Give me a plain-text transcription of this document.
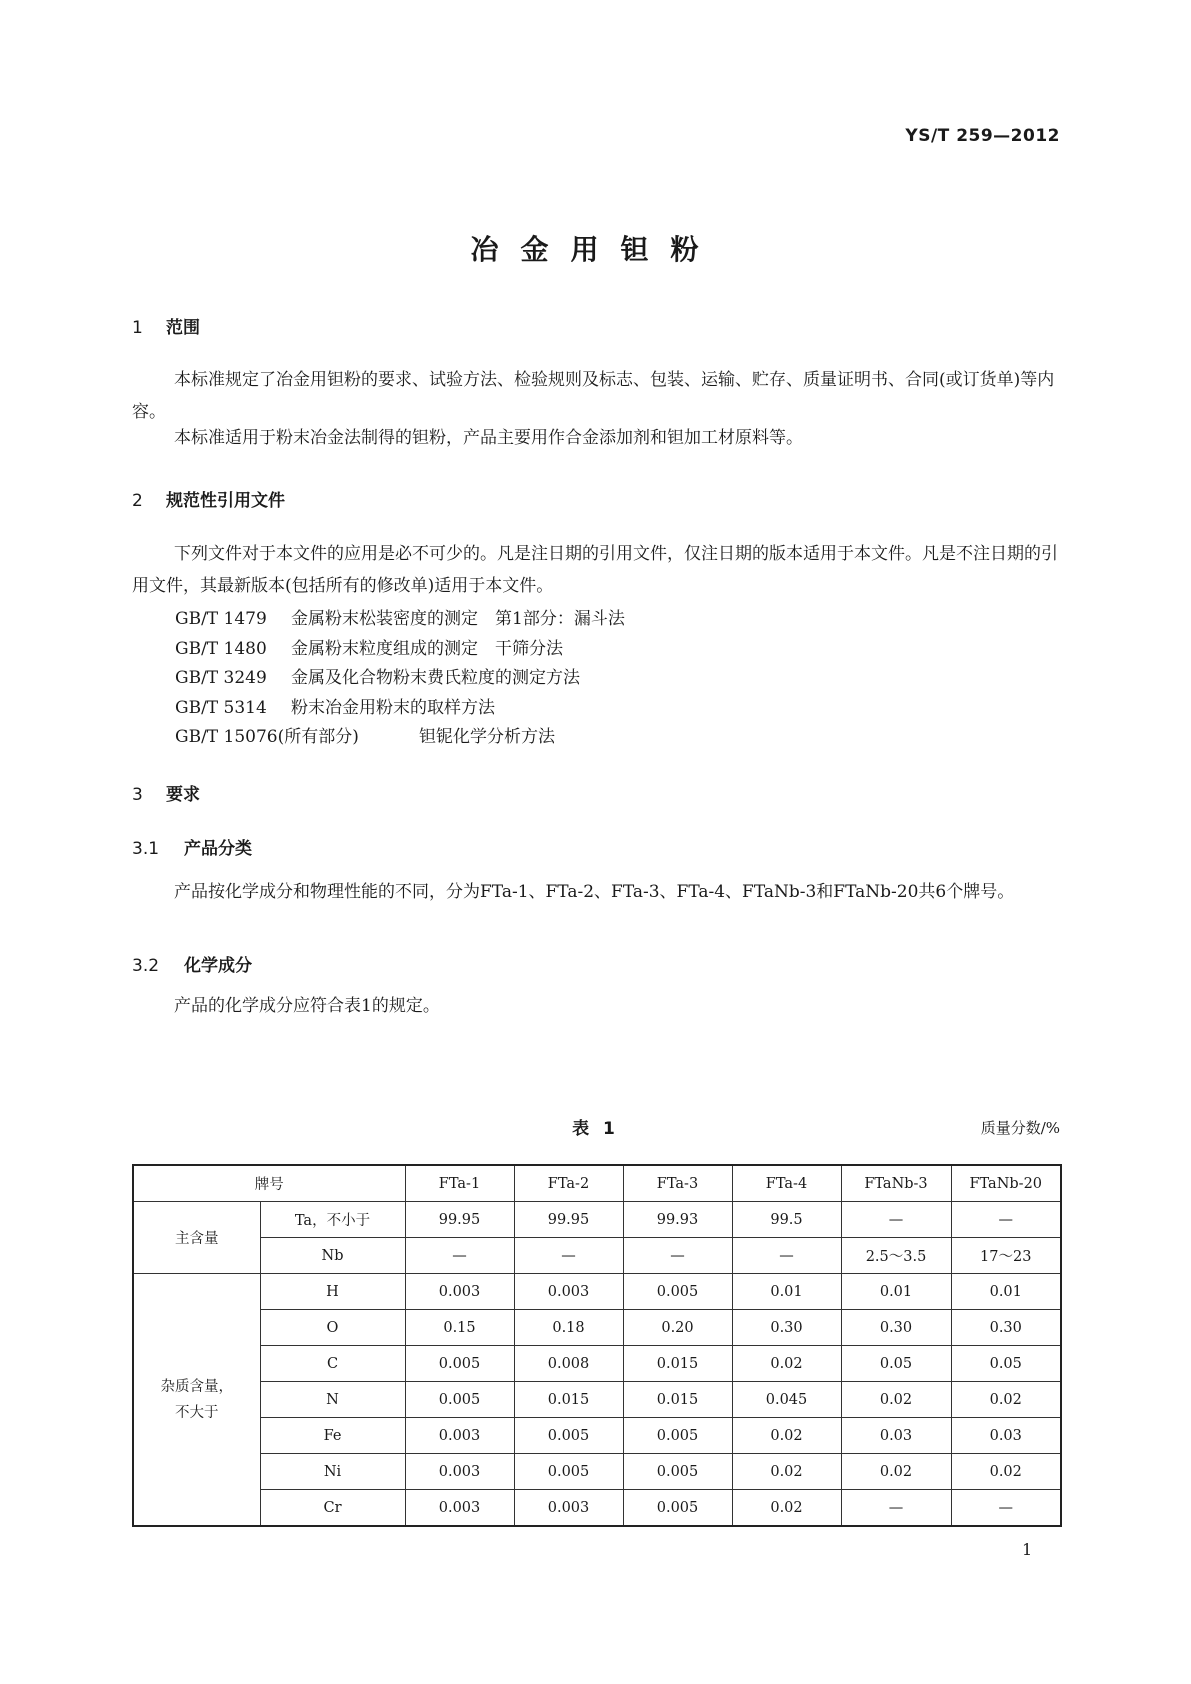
YS/T 259—2012
冶金用钽粉
1 范围
本标准规定了冶金用钽粉的要求、试验方法、检验规则及标志、包装、运输、贮存、质量证明书、合同(或订货单)等内容。
本标准适用于粉末冶金法制得的钽粉，产品主要用作合金添加剂和钽加工材原料等。
2 规范性引用文件
下列文件对于本文件的应用是必不可少的。凡是注日期的引用文件，仅注日期的版本适用于本文件。凡是不注日期的引用文件，其最新版本(包括所有的修改单)适用于本文件。
GB/T 1479 金属粉末松装密度的测定　第1部分：漏斗法
GB/T 1480 金属粉末粒度组成的测定　干筛分法
GB/T 3249 金属及化合物粉末费氏粒度的测定方法
GB/T 5314 粉末冶金用粉末的取样方法
GB/T 15076(所有部分)	钽铌化学分析方法
3 要求
3.1 产品分类
产品按化学成分和物理性能的不同，分为FTa-1、FTa-2、FTa-3、FTa-4、FTaNb-3和FTaNb-20共6个牌号。
3.2 化学成分
产品的化学成分应符合表1的规定。
表 1	质量分数/%
牌号		FTa-1	FTa-2	FTa-3	FTa-4	FTaNb-3	FTaNb-20
主含量	Ta，不小于	99.95	99.95	99.93	99.5	—	—
	Nb	—	—	—	—	2.5～3.5	17～23
杂质含量，
不大于	H	0.003	0.003	0.005	0.01	0.01	0.01
	O	0.15	0.18	0.20	0.30	0.30	0.30
	C	0.005	0.008	0.015	0.02	0.05	0.05
	N	0.005	0.015	0.015	0.045	0.02	0.02
	Fe	0.003	0.005	0.005	0.02	0.03	0.03
	Ni	0.003	0.005	0.005	0.02	0.02	0.02
	Cr	0.003	0.003	0.005	0.02	—	—
1
